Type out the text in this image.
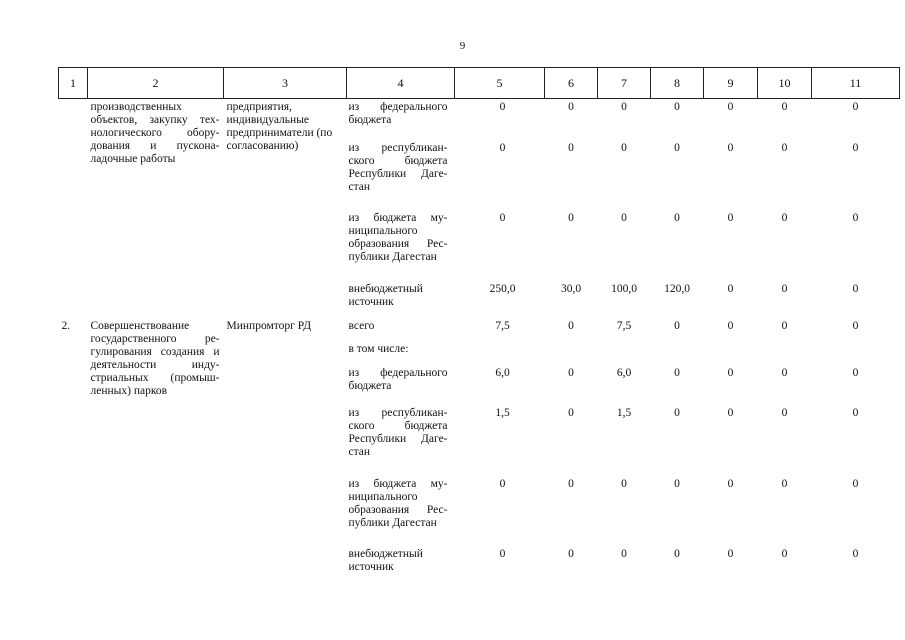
9
1	2	3	4	5	6	7	8	9	10	11
	производственных объектов, закупку тех-нологического обору-дования и пускона-ладочные работы	предприятия, индивидуальные предприниматели (по согласованию)	из федерального бюджета	0	0	0	0	0	0	0
			из республикан-ского бюджета Республики Даге-стан	0	0	0	0	0	0	0
			из бюджета му-ниципального образования Рес-публики Дагестан	0	0	0	0	0	0	0
			внебюджетный источник	250,0	30,0	100,0	120,0	0	0	0
2.	Совершенствование государственного ре-гулирования создания и деятельности инду-стриальных (промыш-ленных) парков	Минпромторг РД	всего	7,5	0	7,5	0	0	0	0
			в том числе:							
			из федерального бюджета	6,0	0	6,0	0	0	0	0
			из республикан-ского бюджета Республики Даге-стан	1,5	0	1,5	0	0	0	0
			из бюджета му-ниципального образования Рес-публики Дагестан	0	0	0	0	0	0	0
			внебюджетный источник	0	0	0	0	0	0	0
